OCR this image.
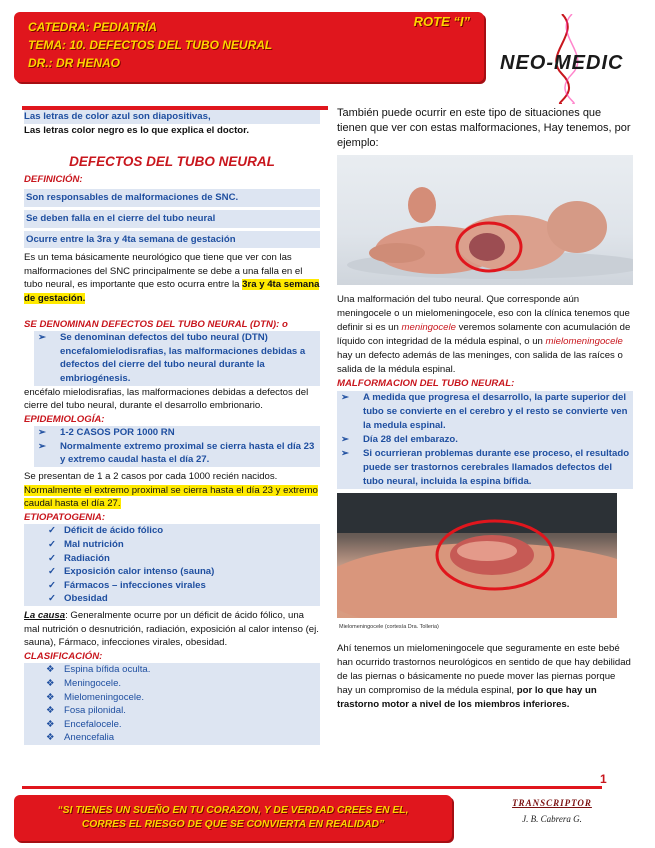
CATEDRA: PEDIATRÍA
TEMA: 10. DEFECTOS DEL TUBO NEURAL
DR.: DR HENAO
ROTE “I”
NEO-MEDIC

Las letras de color azul son diapositivas,

Las letras color negro es lo que explica el doctor.

DEFECTOS DEL TUBO NEURAL

DEFINICIÓN:

Son responsables de malformaciones de SNC.
Se deben falla en el cierre del tubo neural
Ocurre entre la 3ra y 4ta semana de gestación

Es un tema básicamente neurológico que tiene que ver con las malformaciones del SNC principalmente se debe a una falla en el tubo neural, es importante que esto ocurra entre la 3ra y 4ta semana de gestación.

SE DENOMINAN DEFECTOS DEL TUBO NEURAL (DTN): o

➢ Se denominan defectos del tubo neural (DTN) encefalomielodisrafias, las malformaciones debidas a defectos del cierre del tubo neural durante la embriogénesis.

encéfalo mielodisrafias, las malformaciones debidas a defectos del cierre del tubo neural, durante el desarrollo embrionario.

EPIDEMIOLOGÍA:

➢ 1-2 CASOS POR 1000 RN
➢ Normalmente extremo proximal se cierra hasta el día 23 y extremo caudal hasta el día 27.

Se presentan de 1 a 2 casos por cada 1000 recién nacidos.

Normalmente el extremo proximal se cierra hasta el día 23 y extremo caudal hasta el día 27.

ETIOPATOGENIA:

✓ Déficit de ácido fólico
✓ Mal nutrición
✓ Radiación
✓ Exposición calor intenso (sauna)
✓ Fármacos – infecciones virales
✓ Obesidad

La causa: Generalmente ocurre por un déficit de ácido fólico, una mal nutrición o desnutrición, radiación, exposición al calor intenso (ej. sauna), Fármaco, infecciones virales, obesidad.

CLASIFICACIÓN:

❖ Espina bífida oculta.
❖ Meningocele.
❖ Mielomeningocele.
❖ Fosa pilonidal.
❖ Encefalocele.
❖ Anencefalia

También puede ocurrir en este tipo de situaciones que tienen que ver con estas malformaciones, Hay tenemos, por ejemplo:

Una malformación del tubo neural. Que corresponde aún meningocele o un mielomeningocele, eso con la clínica tenemos que definir si es un meningocele veremos solamente con acumulación de líquido con integridad de la médula espinal, o un mielomeningocele hay un defecto además de las meninges, con salida de las raíces o salida de la médula espinal.

MALFORMACION DEL TUBO NEURAL:

➢ A medida que progresa el desarrollo, la parte superior del tubo se convierte en el cerebro y el resto se convierte ven la medula espinal.
➢ Día 28 del embarazo.
➢ Si ocurrieran problemas durante ese proceso, el resultado puede ser trastornos cerebrales llamados defectos del tubo neural, incluida la espina bífida.
Mielomeningocele (cortesía Dra. Tolleria)

Ahí tenemos un mielomeningocele que seguramente en este bebé han ocurrido trastornos neurológicos en sentido de que hay debilidad de las piernas o básicamente no puede mover las piernas porque hay un compromiso de la médula espinal, por lo que hay un trastorno motor a nivel de los miembros inferiores.

1
“SI TIENES UN SUEÑO EN TU CORAZON, Y DE VERDAD CREES EN EL,
CORRES EL RIESGO DE QUE SE CONVIERTA EN REALIDAD”
TRANSCRIPTOR
J. B. Cabrera G.
